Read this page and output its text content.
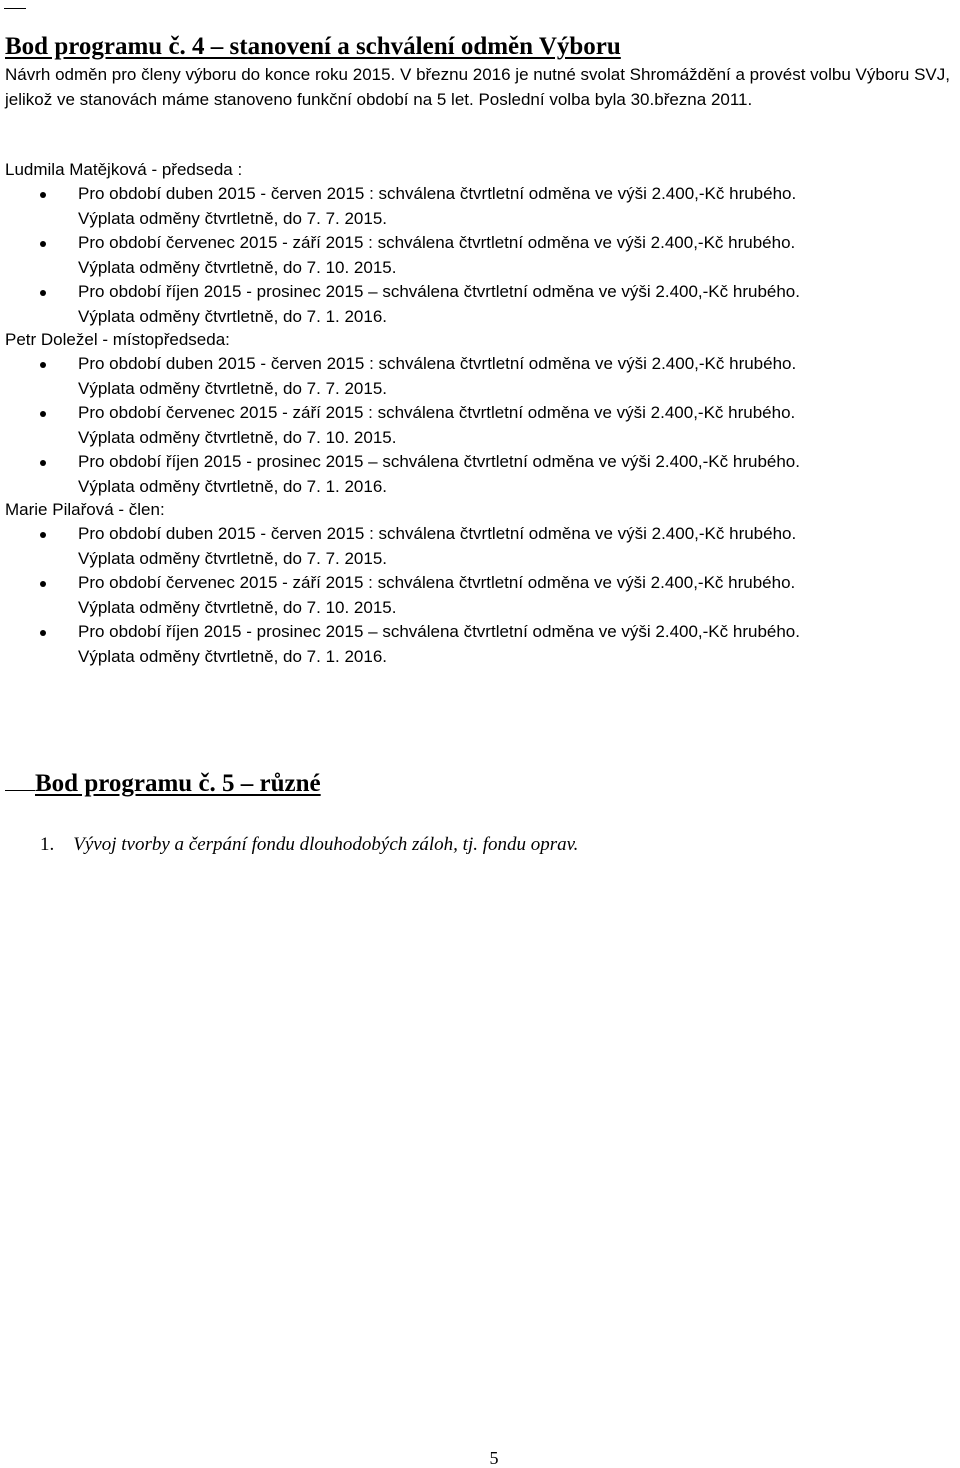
Bod programu č. 4 – stanovení a schválení odměn Výboru

Návrh odměn pro členy výboru do konce roku 2015. V březnu 2016 je nutné svolat Shromáždění a provést volbu Výboru SVJ, jelikož ve stanovách máme stanoveno funkční období na 5 let. Poslední volba byla 30.března 2011.

Ludmila Matějková - předseda :

Pro období duben 2015 - červen 2015 : schválena čtvrtletní odměna ve výši 2.400,-Kč hrubého.
Výplata odměny čtvrtletně, do 7. 7. 2015.
Pro období červenec 2015 - září 2015 : schválena čtvrtletní odměna ve výši 2.400,-Kč hrubého.
Výplata odměny čtvrtletně, do 7. 10. 2015.
Pro období říjen 2015 - prosinec 2015 – schválena čtvrtletní odměna ve výši 2.400,-Kč hrubého.
Výplata odměny čtvrtletně, do 7. 1. 2016.

Petr Doležel - místopředseda:

Pro období duben 2015 - červen 2015 : schválena čtvrtletní odměna ve výši 2.400,-Kč hrubého.
Výplata odměny čtvrtletně, do 7. 7. 2015.
Pro období červenec 2015 - září 2015 : schválena čtvrtletní odměna ve výši 2.400,-Kč hrubého.
Výplata odměny čtvrtletně, do 7. 10. 2015.
Pro období říjen 2015 - prosinec 2015 – schválena čtvrtletní odměna ve výši 2.400,-Kč hrubého.
Výplata odměny čtvrtletně, do 7. 1. 2016.

Marie Pilařová - člen:

Pro období duben 2015 - červen 2015 : schválena čtvrtletní odměna ve výši 2.400,-Kč hrubého.
Výplata odměny čtvrtletně, do 7. 7. 2015.
Pro období červenec 2015 - září 2015 : schválena čtvrtletní odměna ve výši 2.400,-Kč hrubého.
Výplata odměny čtvrtletně, do 7. 10. 2015.
Pro období říjen 2015 - prosinec 2015 – schválena čtvrtletní odměna ve výši 2.400,-Kč hrubého.
Výplata odměny čtvrtletně, do 7. 1. 2016.
Bod programu č. 5 – různé

1. Vývoj tvorby a čerpání fondu dlouhodobých záloh, tj. fondu oprav.

5
